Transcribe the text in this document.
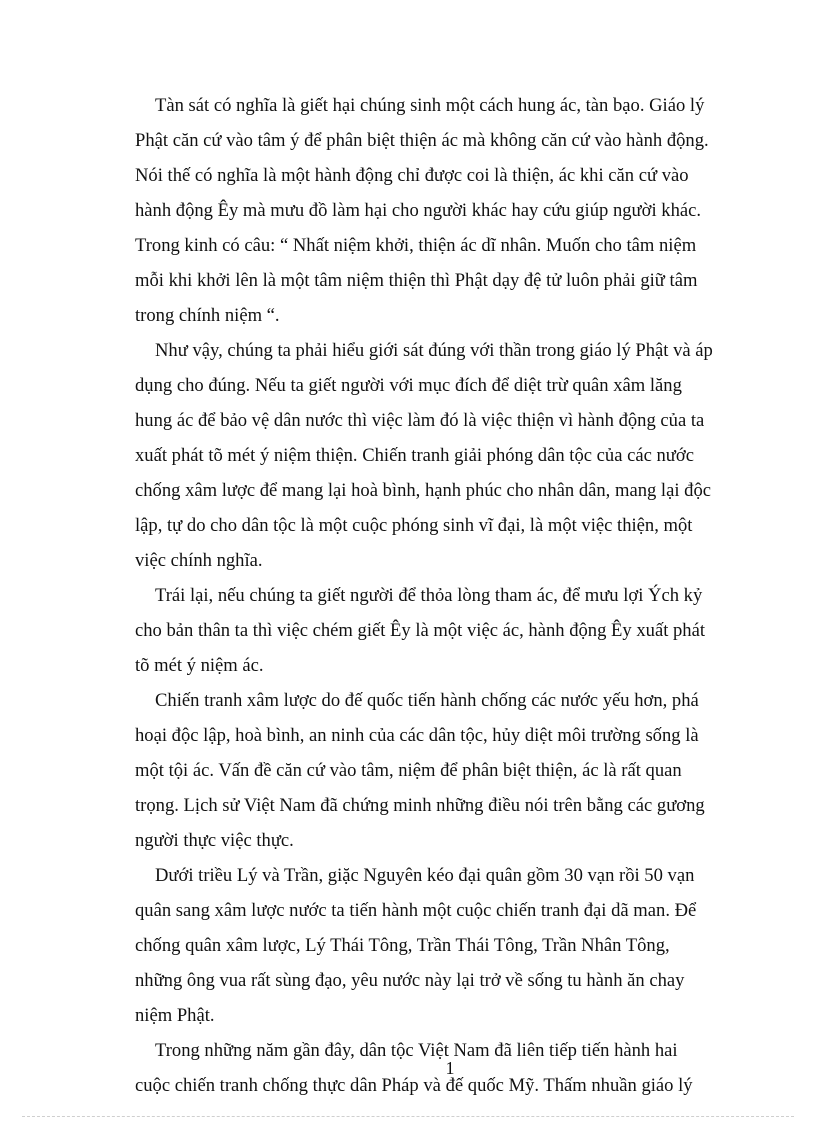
Tàn sát có nghĩa là giết hại chúng sinh một cách hung ác, tàn bạo. Giáo lý
Phật căn cứ vào tâm ý để phân biệt thiện ác mà không căn cứ vào hành động.
Nói thế có nghĩa là một hành động chỉ được coi là thiện, ác khi căn cứ vào
hành động Êy mà mưu đồ làm hại cho người khác hay cứu giúp người khác.
Trong kinh có câu: “ Nhất niệm khởi, thiện ác dĩ nhân. Muốn cho tâm niệm
mỗi khi khởi lên là một tâm niệm thiện thì Phật dạy đệ tử luôn phải giữ tâm
trong chính niệm “.

Như vậy, chúng ta phải hiểu giới sát đúng với thần trong giáo lý Phật và áp
dụng cho đúng. Nếu ta giết người với mục đích để diệt trừ quân xâm lăng
hung ác để bảo vệ dân nước thì việc làm đó là việc thiện vì hành động của ta
xuất phát tõ mét ý niệm thiện. Chiến tranh giải phóng dân tộc của các nước
chống xâm lược để mang lại hoà bình, hạnh phúc cho nhân dân, mang lại độc
lập, tự do cho dân tộc là một cuộc phóng sinh vĩ đại, là một việc thiện, một
việc chính nghĩa.

Trái lại, nếu chúng ta giết người để thỏa lòng tham ác, để mưu lợi Ých kỷ
cho bản thân ta thì việc chém giết Êy là một việc ác, hành động Êy xuất phát
tõ mét ý niệm ác.

Chiến tranh xâm lược do đế quốc tiến hành chống các nước yếu hơn, phá
hoại độc lập, hoà bình, an ninh của các dân tộc, hủy diệt môi trường sống là
một tội ác. Vấn đề căn cứ vào tâm, niệm để phân biệt thiện, ác là rất quan
trọng. Lịch sử Việt Nam đã chứng minh những điều nói trên bằng các gương
người thực việc thực.

Dưới triều Lý và Trần, giặc Nguyên kéo đại quân gồm 30 vạn rồi 50 vạn
quân sang xâm lược nước ta tiến hành một cuộc chiến tranh đại dã man. Để
chống quân xâm lược, Lý Thái Tông, Trần Thái Tông, Trần Nhân Tông,
những ông vua rất sùng đạo, yêu nước này lại trở về sống tu hành ăn chay
niệm Phật.

Trong những năm gần đây, dân tộc Việt Nam đã liên tiếp tiến hành hai
cuộc chiến tranh chống thực dân Pháp và đế quốc Mỹ. Thấm nhuần giáo lý

1
